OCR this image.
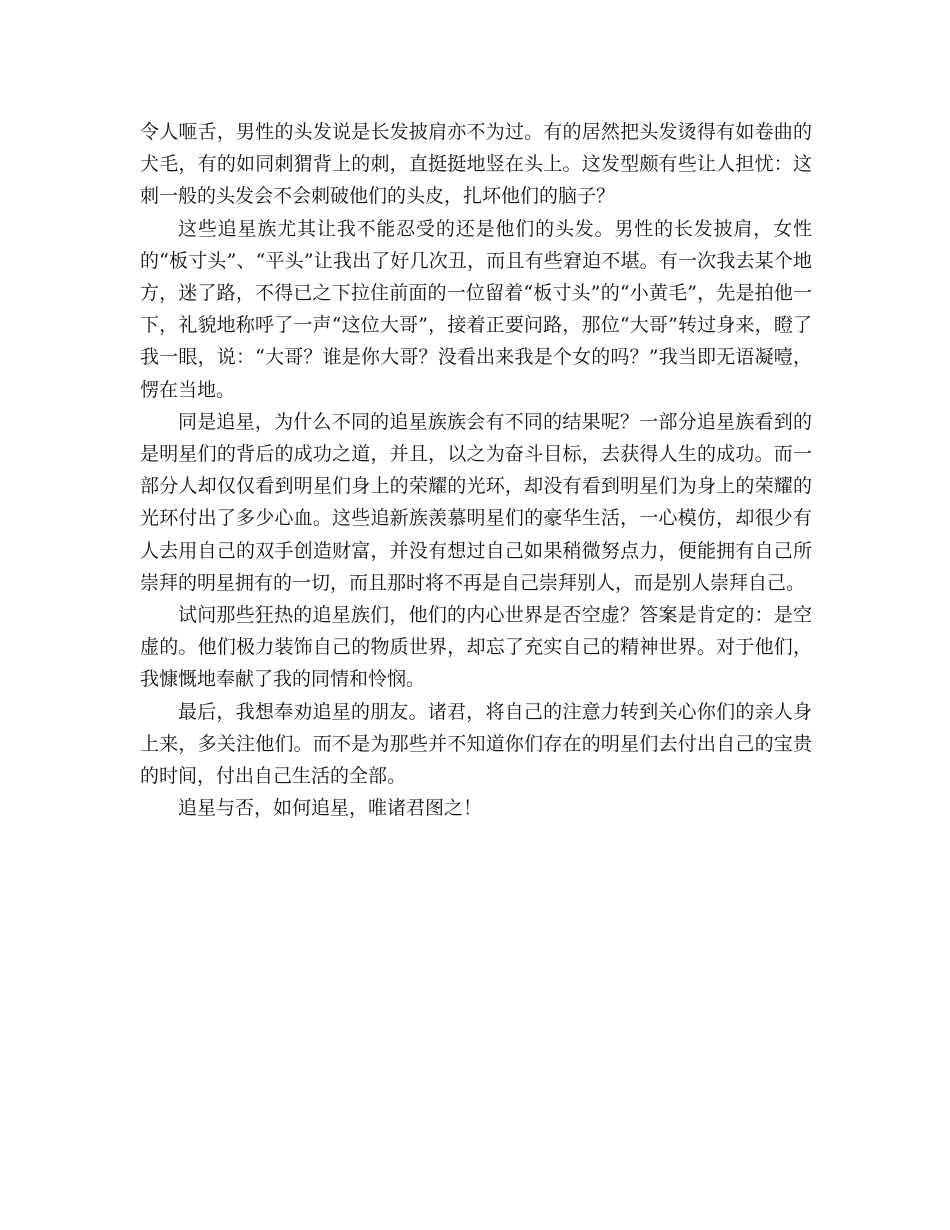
令人咂舌，男性的头发说是长发披肩亦不为过。有的居然把头发烫得有如卷曲的犬毛，有的如同刺猬背上的刺，直挺挺地竖在头上。这发型颇有些让人担忧：这刺一般的头发会不会刺破他们的头皮，扎坏他们的脑子？

这些追星族尤其让我不能忍受的还是他们的头发。男性的长发披肩，女性的“板寸头”、“平头”让我出了好几次丑，而且有些窘迫不堪。有一次我去某个地方，迷了路，不得已之下拉住前面的一位留着“板寸头”的“小黄毛”，先是拍他一下，礼貌地称呼了一声“这位大哥”，接着正要问路，那位“大哥”转过身来，瞪了我一眼，说：“大哥？谁是你大哥？没看出来我是个女的吗？”我当即无语凝噎，愣在当地。

同是追星，为什么不同的追星族族会有不同的结果呢？一部分追星族看到的是明星们的背后的成功之道，并且，以之为奋斗目标，去获得人生的成功。而一部分人却仅仅看到明星们身上的荣耀的光环，却没有看到明星们为身上的荣耀的光环付出了多少心血。这些追新族羡慕明星们的豪华生活，一心模仿，却很少有人去用自己的双手创造财富，并没有想过自己如果稍微努点力，便能拥有自己所崇拜的明星拥有的一切，而且那时将不再是自己崇拜别人，而是别人崇拜自己。

试问那些狂热的追星族们，他们的内心世界是否空虚？答案是肯定的：是空虚的。他们极力装饰自己的物质世界，却忘了充实自己的精神世界。对于他们，我慷慨地奉献了我的同情和怜悯。

最后，我想奉劝追星的朋友。诸君，将自己的注意力转到关心你们的亲人身上来，多关注他们。而不是为那些并不知道你们存在的明星们去付出自己的宝贵的时间，付出自己生活的全部。

追星与否，如何追星，唯诸君图之！
